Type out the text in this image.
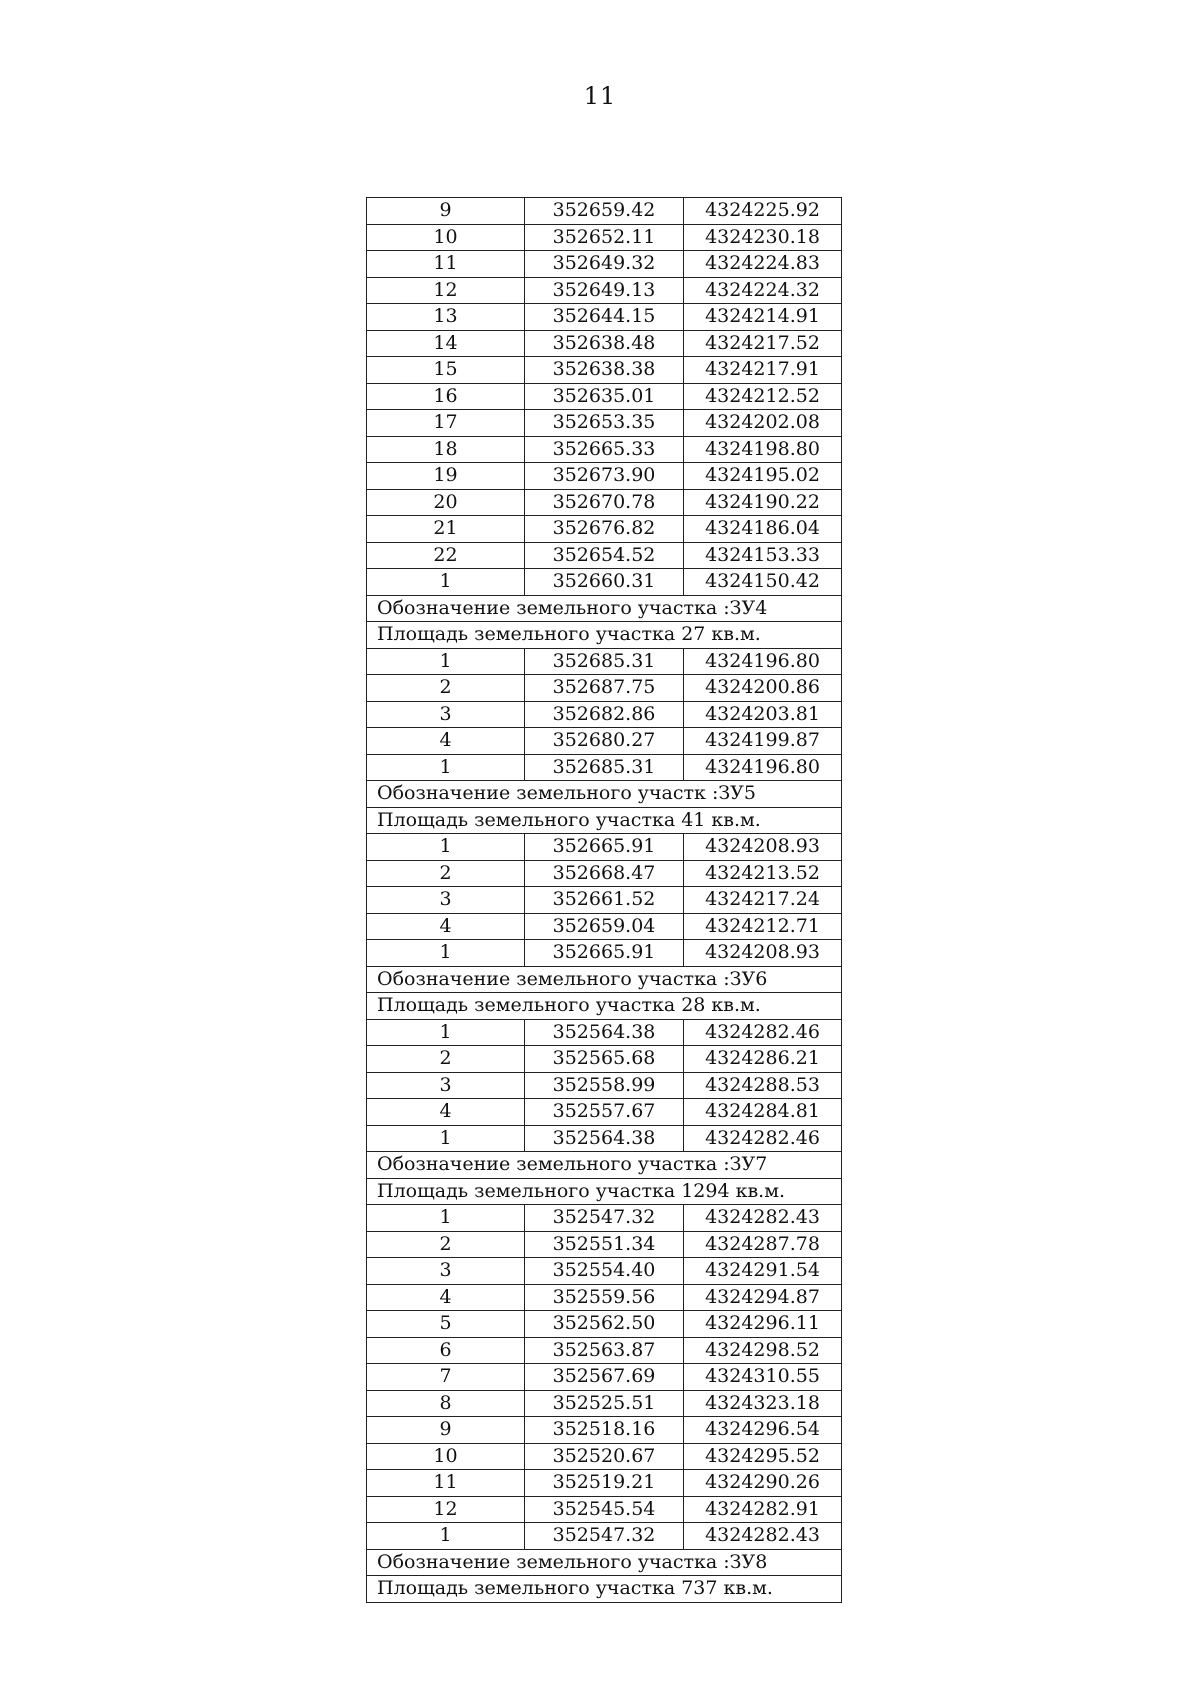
11
9	352659.42	4324225.92
10	352652.11	4324230.18
11	352649.32	4324224.83
12	352649.13	4324224.32
13	352644.15	4324214.91
14	352638.48	4324217.52
15	352638.38	4324217.91
16	352635.01	4324212.52
17	352653.35	4324202.08
18	352665.33	4324198.80
19	352673.90	4324195.02
20	352670.78	4324190.22
21	352676.82	4324186.04
22	352654.52	4324153.33
1	352660.31	4324150.42
Обозначение земельного участка :ЗУ4		
Площадь земельного участка 27 кв.м.		
1	352685.31	4324196.80
2	352687.75	4324200.86
3	352682.86	4324203.81
4	352680.27	4324199.87
1	352685.31	4324196.80
Обозначение земельного участк :ЗУ5		
Площадь земельного участка 41 кв.м.		
1	352665.91	4324208.93
2	352668.47	4324213.52
3	352661.52	4324217.24
4	352659.04	4324212.71
1	352665.91	4324208.93
Обозначение земельного участка :ЗУ6		
Площадь земельного участка 28 кв.м.		
1	352564.38	4324282.46
2	352565.68	4324286.21
3	352558.99	4324288.53
4	352557.67	4324284.81
1	352564.38	4324282.46
Обозначение земельного участка :ЗУ7		
Площадь земельного участка 1294 кв.м.		
1	352547.32	4324282.43
2	352551.34	4324287.78
3	352554.40	4324291.54
4	352559.56	4324294.87
5	352562.50	4324296.11
6	352563.87	4324298.52
7	352567.69	4324310.55
8	352525.51	4324323.18
9	352518.16	4324296.54
10	352520.67	4324295.52
11	352519.21	4324290.26
12	352545.54	4324282.91
1	352547.32	4324282.43
Обозначение земельного участка :ЗУ8		
Площадь земельного участка 737 кв.м.		
